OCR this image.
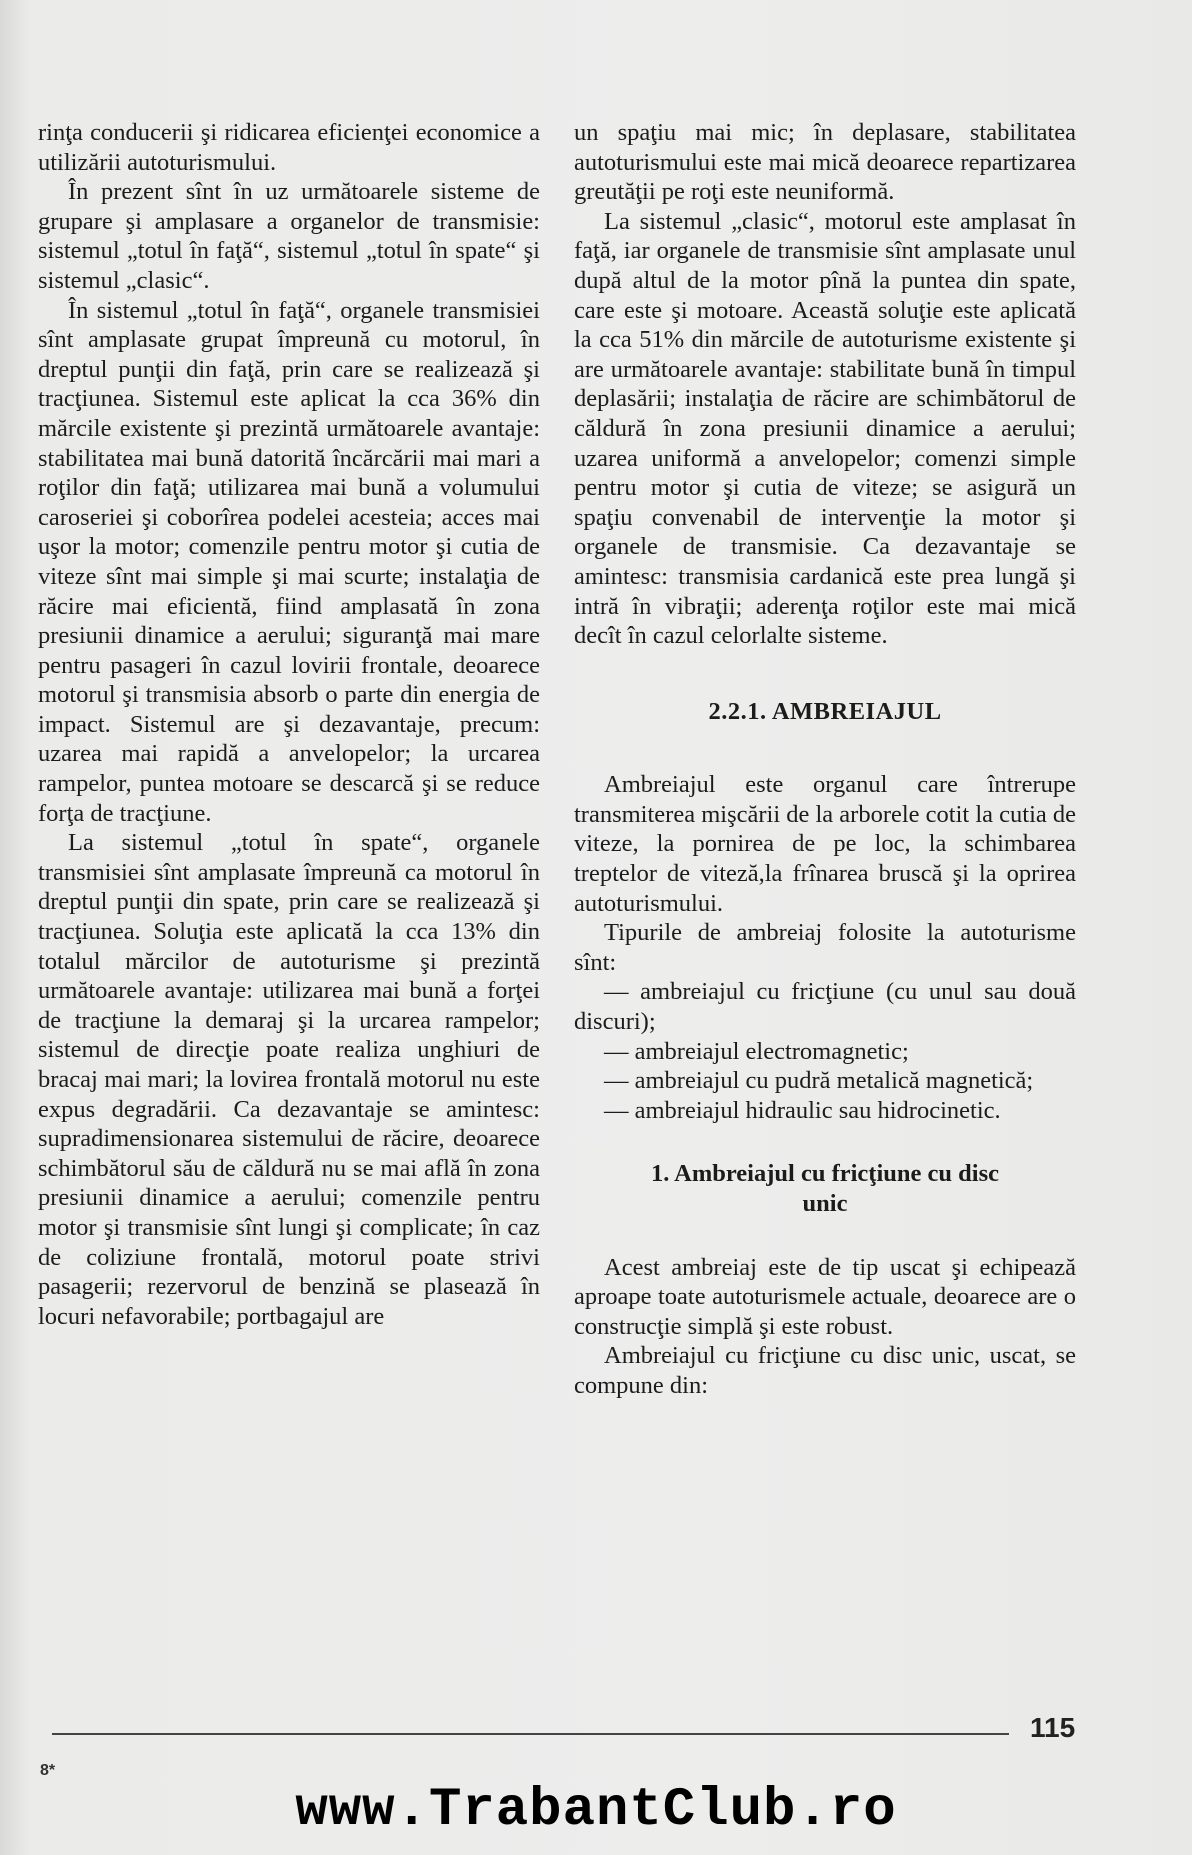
rinţa conducerii şi ridicarea eficienţei economice a utilizării autoturismului.

În prezent sînt în uz următoarele sisteme de grupare şi amplasare a organelor de transmisie: sistemul „totul în faţă“, sistemul „totul în spate“ şi sistemul „clasic“.

În sistemul „totul în faţă“, organele transmisiei sînt amplasate grupat împreună cu motorul, în dreptul punţii din faţă, prin care se realizează şi tracţiunea. Sistemul este aplicat la cca 36% din mărcile existente şi prezintă următoarele avantaje: stabilitatea mai bună datorită încărcării mai mari a roţilor din faţă; utilizarea mai bună a volumului caroseriei şi coborîrea podelei acesteia; acces mai uşor la motor; comenzile pentru motor şi cutia de viteze sînt mai simple şi mai scurte; instalaţia de răcire mai eficientă, fiind amplasată în zona presiunii dinamice a aerului; siguranţă mai mare pentru pasageri în cazul lovirii frontale, deoarece motorul şi transmisia absorb o parte din energia de impact. Sistemul are şi dezavantaje, precum: uzarea mai rapidă a anvelopelor; la urcarea rampelor, puntea motoare se descarcă şi se reduce forţa de tracţiune.

La sistemul „totul în spate“, organele transmisiei sînt amplasate împreună ca motorul în dreptul punţii din spate, prin care se realizează şi tracţiunea. Soluţia este aplicată la cca 13% din totalul mărcilor de autoturisme şi prezintă următoarele avantaje: utilizarea mai bună a forţei de tracţiune la demaraj şi la urcarea rampelor; sistemul de direcţie poate realiza unghiuri de bracaj mai mari; la lovirea frontală motorul nu este expus degradării. Ca dezavantaje se amintesc: supradimensionarea sistemului de răcire, deoarece schimbătorul său de căldură nu se mai află în zona presiunii dinamice a aerului; comenzile pentru motor şi transmisie sînt lungi şi complicate; în caz de coliziune frontală, motorul poate strivi pasagerii; rezervorul de benzină se plasează în locuri nefavorabile; portbagajul are

un spaţiu mai mic; în deplasare, stabilitatea autoturismului este mai mică deoarece repartizarea greutăţii pe roţi este neuniformă.

La sistemul „clasic“, motorul este amplasat în faţă, iar organele de transmisie sînt amplasate unul după altul de la motor pînă la puntea din spate, care este şi motoare. Această soluţie este aplicată la cca 51% din mărcile de autoturisme existente şi are următoarele avantaje: stabilitate bună în timpul deplasării; instalaţia de răcire are schimbătorul de căldură în zona presiunii dinamice a aerului; uzarea uniformă a anvelopelor; comenzi simple pentru motor şi cutia de viteze; se asigură un spaţiu convenabil de intervenţie la motor şi organele de transmisie. Ca dezavantaje se amintesc: transmisia cardanică este prea lungă şi intră în vibraţii; aderenţa roţilor este mai mică decît în cazul celorlalte sisteme.

2.2.1. AMBREIAJUL

Ambreiajul este organul care întrerupe transmiterea mişcării de la arborele cotit la cutia de viteze, la pornirea de pe loc, la schimbarea treptelor de viteză,la frînarea bruscă şi la oprirea autoturismului.

Tipurile de ambreiaj folosite la autoturisme sînt:

— ambreiajul cu fricţiune (cu unul sau două discuri);

— ambreiajul electromagnetic;

— ambreiajul cu pudră metalică magnetică;

— ambreiajul hidraulic sau hidrocinetic.

1. Ambreiajul cu fricţiune cu disc
unic

Acest ambreiaj este de tip uscat şi echipează aproape toate autoturismele actuale, deoarece are o construcţie simplă şi este robust.

Ambreiajul cu fricţiune cu disc unic, uscat, se compune din:

115
8*
www.TrabantClub.ro
